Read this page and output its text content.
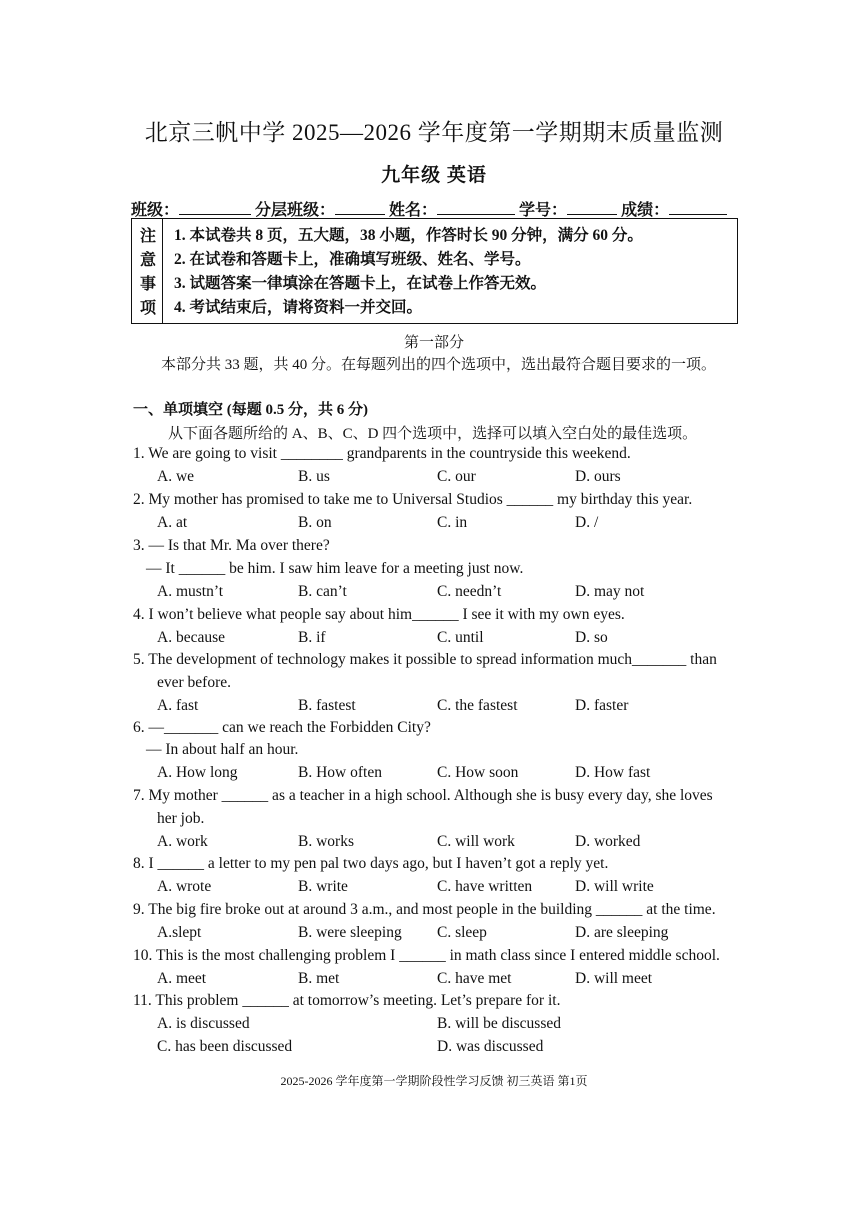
北京三帆中学 2025—2026 学年度第一学期期末质量监测
九年级 英语
班级：	分层班级：	姓名：	学号：	成绩：
注
意
事
项
1. 本试卷共 8 页，五大题，38 小题，作答时长 90 分钟，满分 60 分。
2. 在试卷和答题卡上，准确填写班级、姓名、学号。
3. 试题答案一律填涂在答题卡上，在试卷上作答无效。
4. 考试结束后，请将资料一并交回。
第一部分
本部分共 33 题，共 40 分。在每题列出的四个选项中，选出最符合题目要求的一项。
一、单项填空 (每题 0.5 分，共 6 分)
从下面各题所给的 A、B、C、D 四个选项中，选择可以填入空白处的最佳选项。
1. We are going to visit ________ grandparents in the countryside this weekend.
A. we	B. us	C. our	D. ours
2. My mother has promised to take me to Universal Studios ______ my birthday this year.
A. at	B. on	C. in	D. /
3. — Is that Mr. Ma over there?
— It ______ be him. I saw him leave for a meeting just now.
A. mustn’t	B. can’t	C. needn’t	D. may not
4. I won’t believe what people say about him______ I see it with my own eyes.
A. because	B. if	C. until	D. so
5. The development of technology makes it possible to spread information much_______ than
ever before.
A. fast	B. fastest	C. the fastest	D. faster
6. —_______ can we reach the Forbidden City?
— In about half an hour.
A. How long	B. How often	C. How soon	D. How fast
7. My mother ______ as a teacher in a high school. Although she is busy every day, she loves
her job.
A. work	B. works	C. will work	D. worked
8. I ______ a letter to my pen pal two days ago, but I haven’t got a reply yet.
A. wrote	B. write	C. have written	D. will write
9. The big fire broke out at around 3 a.m., and most people in the building ______ at the time.
A.slept	B. were sleeping C. sleep	D. are sleeping
10. This is the most challenging problem I ______ in math class since I entered middle school.
A. meet	B. met	C. have met	D. will meet
11. This problem ______ at tomorrow’s meeting. Let’s prepare for it.
A. is discussed	B. will be discussed
C. has been discussed	D. was discussed
2025-2026 学年度第一学期阶段性学习反馈 初三英语 第1页
